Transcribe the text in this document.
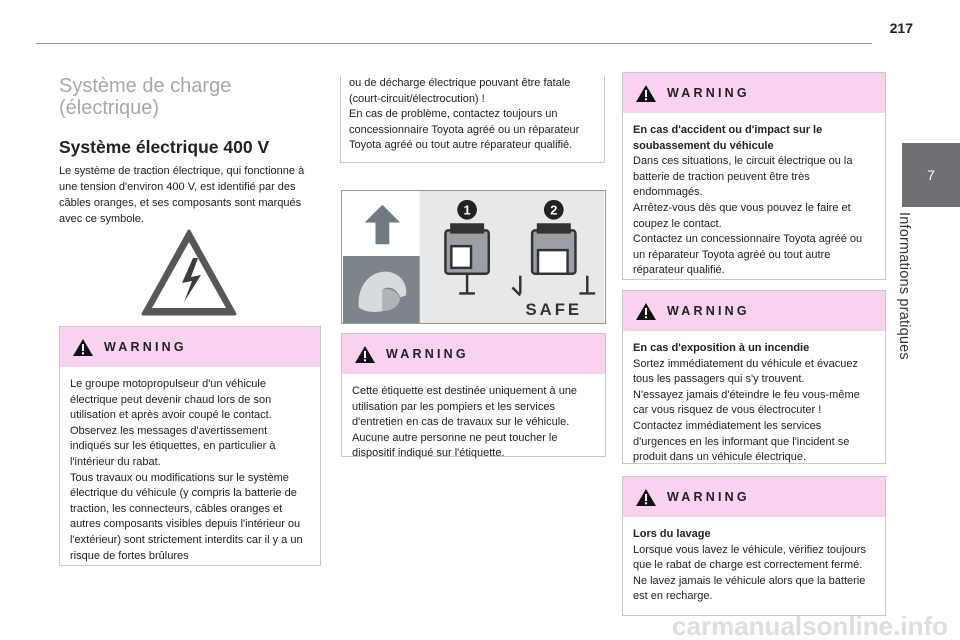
217
7
Informations pratiques
Système de charge (électrique)
Système électrique 400 V
Le système de traction électrique, qui fonctionne à une tension d'environ 400 V, est identifié par des câbles oranges, et ses composants sont marqués avec ce symbole.
WARNING
Le groupe motopropulseur d'un véhicule électrique peut devenir chaud lors de son utilisation et après avoir coupé le contact.
Observez les messages d'avertissement indiqués sur les étiquettes, en particulier à l'intérieur du rabat.
Tous travaux ou modifications sur le système électrique du véhicule (y compris la batterie de traction, les connecteurs, câbles oranges et autres composants visibles depuis l'intérieur ou l'extérieur) sont strictement interdits car il y a un risque de fortes brûlures
ou de décharge électrique pouvant être fatale (court-circuit/électrocution) !
En cas de problème, contactez toujours un concessionnaire Toyota agréé ou un réparateur Toyota agréé ou tout autre réparateur qualifié.
1	2
SAFE
WARNING
Cette étiquette est destinée uniquement à une utilisation par les pompiers et les services d'entretien en cas de travaux sur le véhicule. Aucune autre personne ne peut toucher le dispositif indiqué sur l'étiquette.
WARNING
En cas d'accident ou d'impact sur le soubassement du véhicule
Dans ces situations, le circuit électrique ou la batterie de traction peuvent être très endommagés.
Arrêtez-vous dès que vous pouvez le faire et coupez le contact.
Contactez un concessionnaire Toyota agréé ou un réparateur Toyota agréé ou tout autre réparateur qualifié.
WARNING
En cas d'exposition à un incendie
Sortez immédiatement du véhicule et évacuez tous les passagers qui s'y trouvent.
N'essayez jamais d'éteindre le feu vous-même car vous risquez de vous électrocuter !
Contactez immédiatement les services d'urgences en les informant que l'incident se produit dans un véhicule électrique.
WARNING
Lors du lavage
Lorsque vous lavez le véhicule, vérifiez toujours que le rabat de charge est correctement fermé.
Ne lavez jamais le véhicule alors que la batterie est en recharge.
carmanualsonline.info
